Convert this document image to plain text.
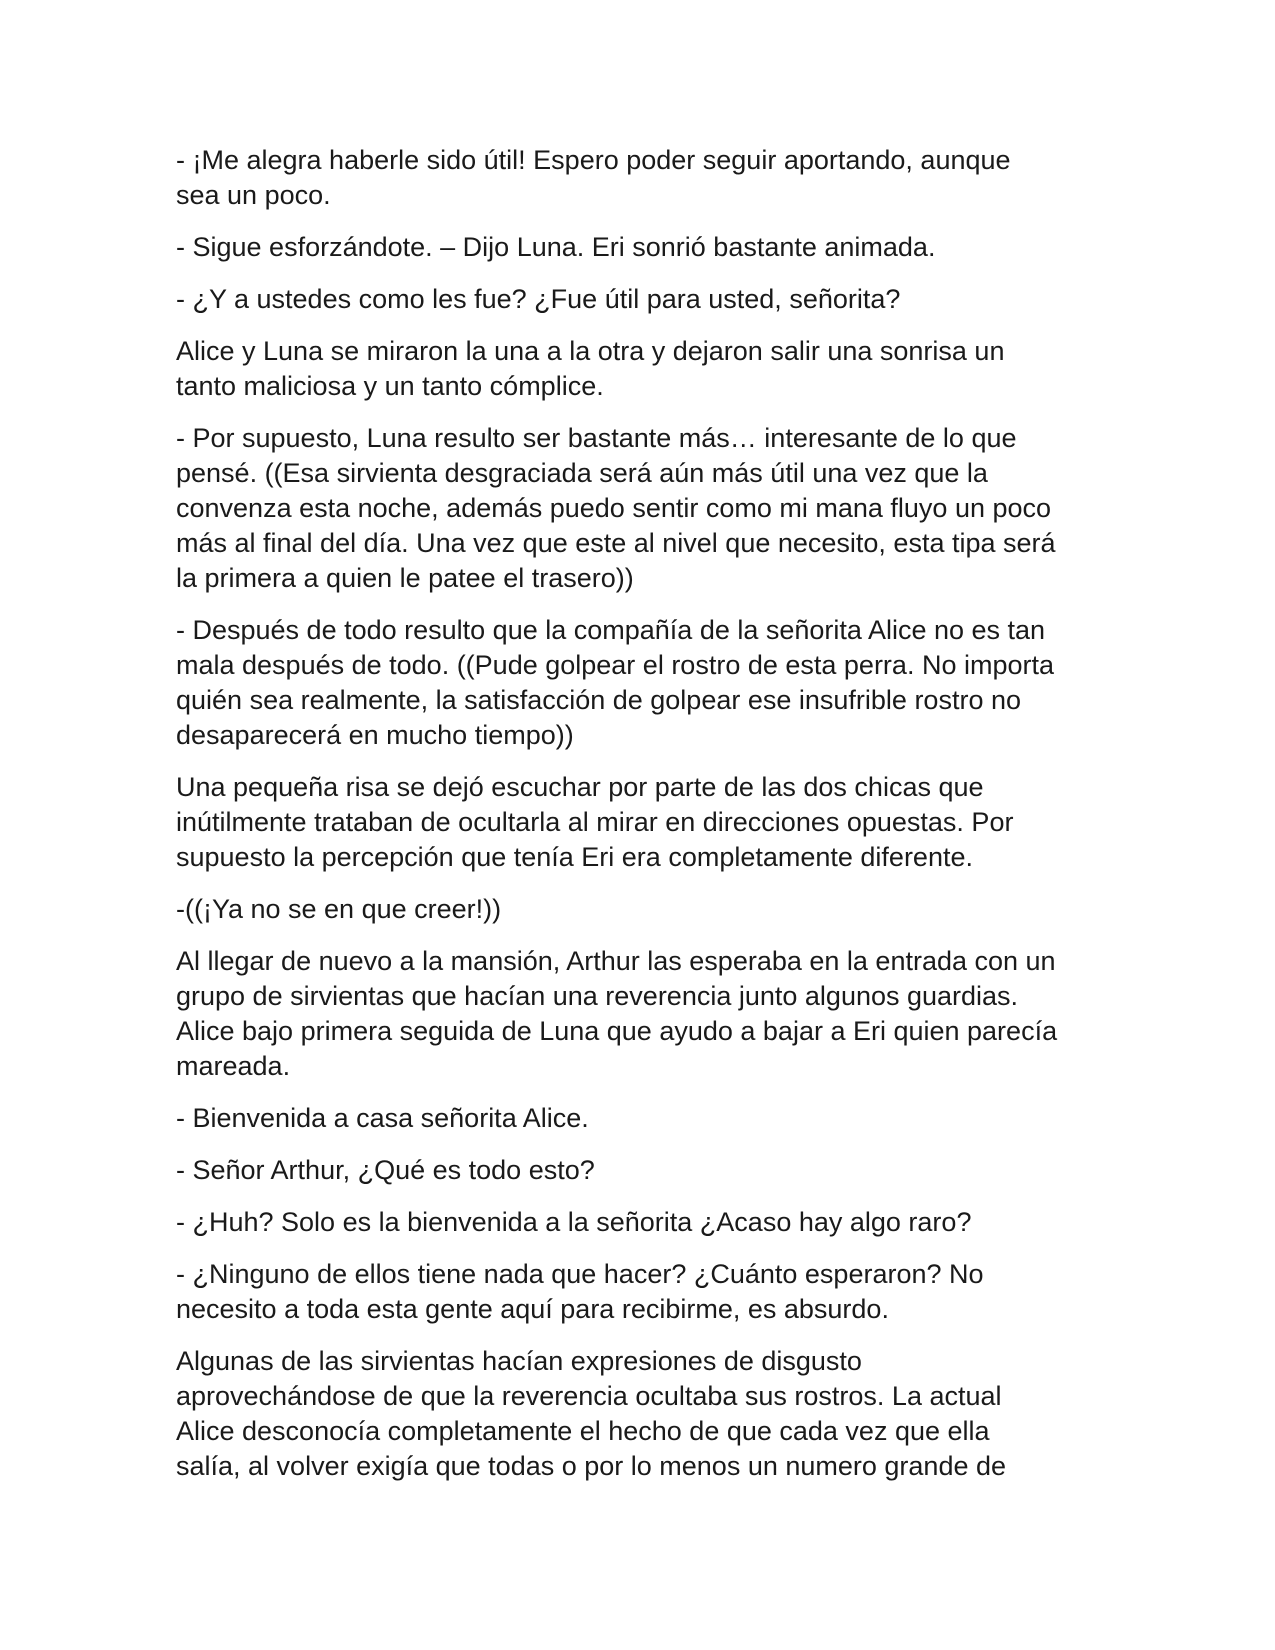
- ¡Me alegra haberle sido útil! Espero poder seguir aportando, aunque
sea un poco.

- Sigue esforzándote. – Dijo Luna. Eri sonrió bastante animada.

- ¿Y a ustedes como les fue? ¿Fue útil para usted, señorita?

Alice y Luna se miraron la una a la otra y dejaron salir una sonrisa un
tanto maliciosa y un tanto cómplice.

- Por supuesto, Luna resulto ser bastante más… interesante de lo que
pensé. ((Esa sirvienta desgraciada será aún más útil una vez que la
convenza esta noche, además puedo sentir como mi mana fluyo un poco
más al final del día. Una vez que este al nivel que necesito, esta tipa será
la primera a quien le patee el trasero))

- Después de todo resulto que la compañía de la señorita Alice no es tan
mala después de todo. ((Pude golpear el rostro de esta perra. No importa
quién sea realmente, la satisfacción de golpear ese insufrible rostro no
desaparecerá en mucho tiempo))

Una pequeña risa se dejó escuchar por parte de las dos chicas que
inútilmente trataban de ocultarla al mirar en direcciones opuestas. Por
supuesto la percepción que tenía Eri era completamente diferente.

-((¡Ya no se en que creer!))

Al llegar de nuevo a la mansión, Arthur las esperaba en la entrada con un
grupo de sirvientas que hacían una reverencia junto algunos guardias.
Alice bajo primera seguida de Luna que ayudo a bajar a Eri quien parecía
mareada.

- Bienvenida a casa señorita Alice.

- Señor Arthur, ¿Qué es todo esto?

- ¿Huh? Solo es la bienvenida a la señorita ¿Acaso hay algo raro?

- ¿Ninguno de ellos tiene nada que hacer? ¿Cuánto esperaron? No
necesito a toda esta gente aquí para recibirme, es absurdo.

Algunas de las sirvientas hacían expresiones de disgusto
aprovechándose de que la reverencia ocultaba sus rostros. La actual
Alice desconocía completamente el hecho de que cada vez que ella
salía, al volver exigía que todas o por lo menos un numero grande de
